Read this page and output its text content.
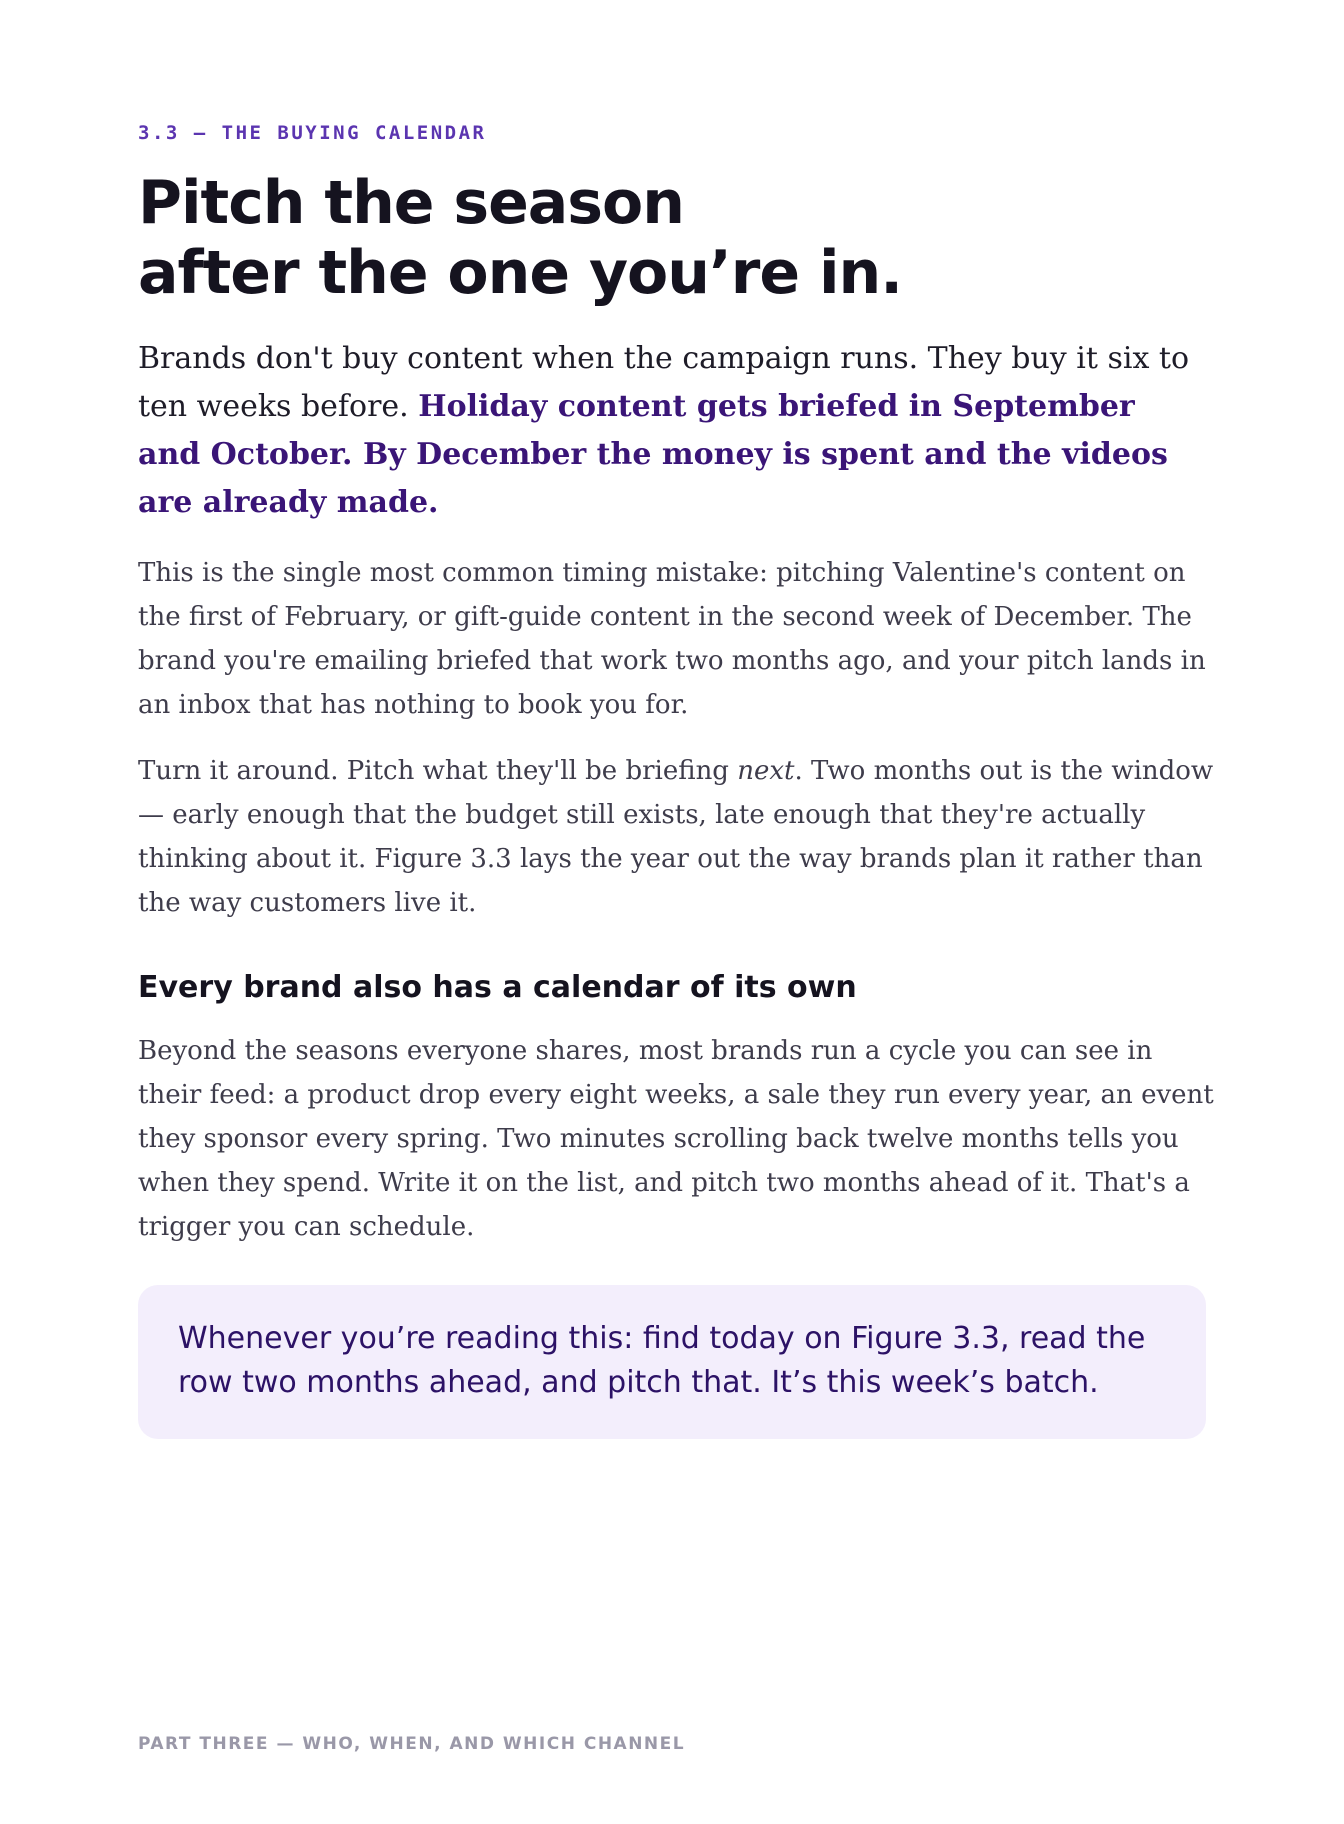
3.3 — THE BUYING CALENDAR
Pitch the season
after the one you’re in.

Brands don't buy content when the campaign runs. They buy it six to ten weeks before. Holiday content gets briefed in September and October. By December the money is spent and the videos are already made.

This is the single most common timing mistake: pitching Valentine's content on the first of February, or gift-guide content in the second week of December. The brand you're emailing briefed that work two months ago, and your pitch lands in an inbox that has nothing to book you for.

Turn it around. Pitch what they'll be briefing next. Two months out is the window — early enough that the budget still exists, late enough that they're actually thinking about it. Figure 3.3 lays the year out the way brands plan it rather than the way customers live it.

Every brand also has a calendar of its own

Beyond the seasons everyone shares, most brands run a cycle you can see in their feed: a product drop every eight weeks, a sale they run every year, an event they sponsor every spring. Two minutes scrolling back twelve months tells you when they spend. Write it on the list, and pitch two months ahead of it. That's a trigger you can schedule.

Whenever you’re reading this: find today on Figure 3.3, read the row two months ahead, and pitch that. It’s this week’s batch.

PART THREE — WHO, WHEN, AND WHICH CHANNEL
